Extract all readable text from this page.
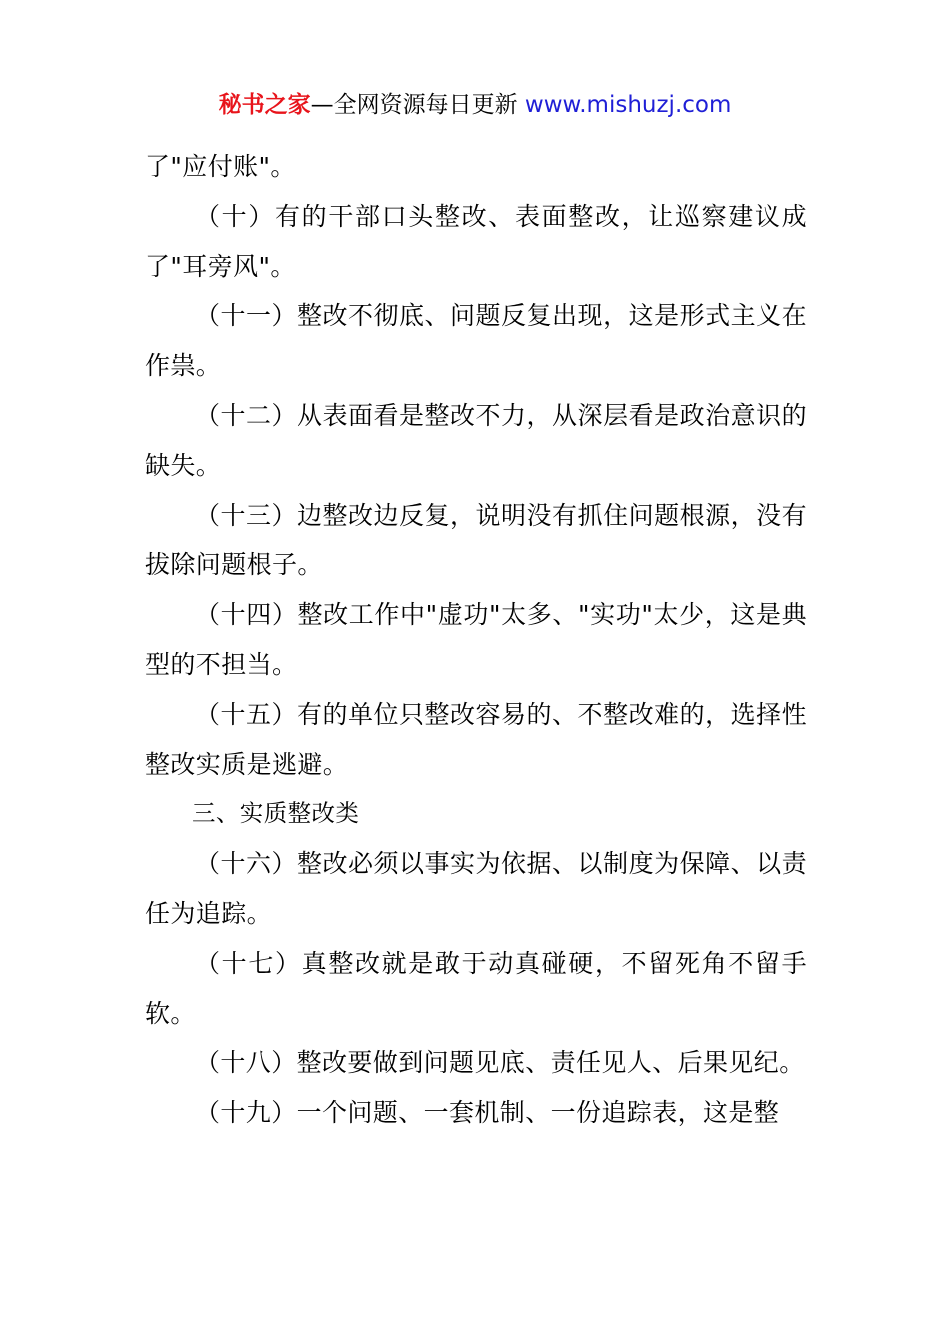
秘书之家—全网资源每日更新 www.mishuzj.com

了"应付账"。

（十）有的干部口头整改、表面整改，让巡察建议成了"耳旁风"。

（十一）整改不彻底、问题反复出现，这是形式主义在作祟。

（十二）从表面看是整改不力，从深层看是政治意识的缺失。

（十三）边整改边反复，说明没有抓住问题根源，没有拔除问题根子。

（十四）整改工作中"虚功"太多、"实功"太少，这是典型的不担当。

（十五）有的单位只整改容易的、不整改难的，选择性整改实质是逃避。

三、实质整改类

（十六）整改必须以事实为依据、以制度为保障、以责任为追踪。

（十七）真整改就是敢于动真碰硬，不留死角不留手软。

（十八）整改要做到问题见底、责任见人、后果见纪。

（十九）一个问题、一套机制、一份追踪表，这是整
